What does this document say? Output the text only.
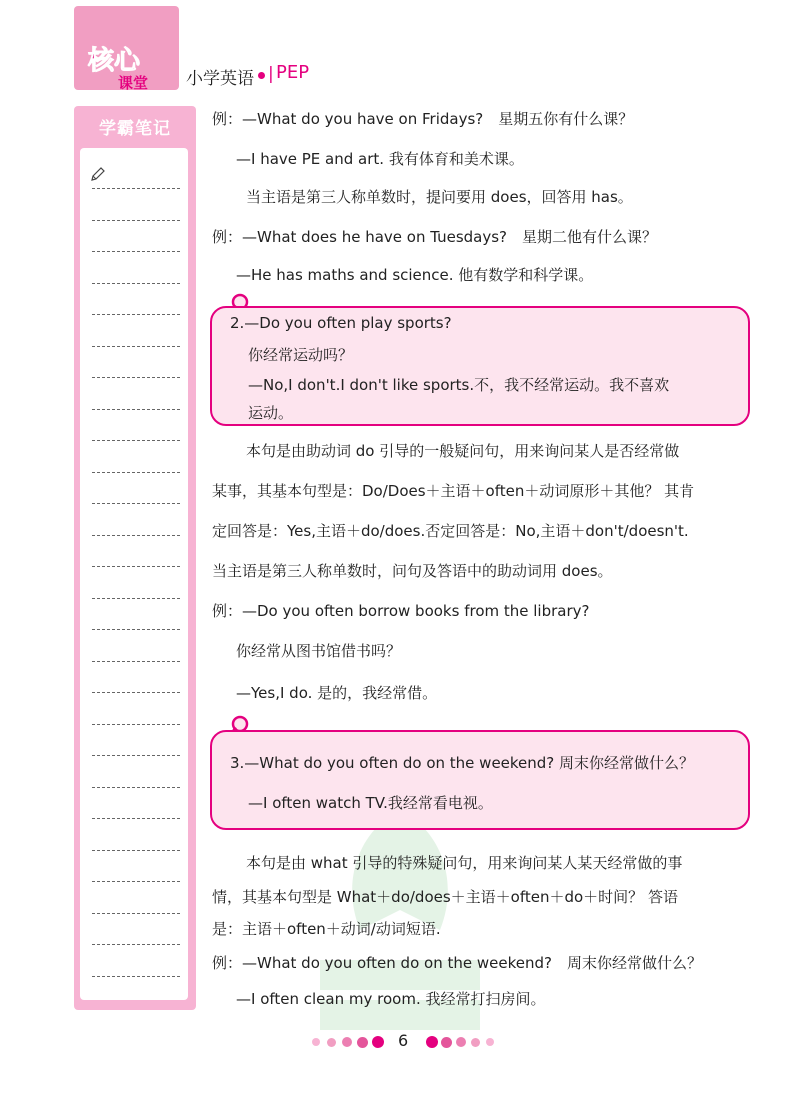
核心
课堂 小学英语 | PEP
学霸笔记	例：—What do you have on Fridays?　星期五你有什么课？
—I have PE and art. 我有体育和美术课。
当主语是第三人称单数时，提问要用 does，回答用 has。
例：—What does he have on Tuesdays?　星期二他有什么课？
—He has maths and science. 他有数学和科学课。
2.—Do you often play sports?
你经常运动吗？
—No,I don't.I don't like sports.不，我不经常运动。我不喜欢
运动。
本句是由助动词 do 引导的一般疑问句，用来询问某人是否经常做
某事，其基本句型是：Do/Does＋主语＋often＋动词原形＋其他？ 其肯
定回答是：Yes,主语＋do/does.否定回答是：No,主语＋don't/doesn't.
当主语是第三人称单数时，问句及答语中的助动词用 does。
例：—Do you often borrow books from the library?
你经常从图书馆借书吗？
—Yes,I do. 是的，我经常借。
3.—What do you often do on the weekend? 周末你经常做什么？
—I often watch TV.我经常看电视。
本句是由 what 引导的特殊疑问句，用来询问某人某天经常做的事
情，其基本句型是 What＋do/does＋主语＋often＋do＋时间？ 答语
是：主语＋often＋动词/动词短语.
例：—What do you often do on the weekend?　周末你经常做什么？
—I often clean my room. 我经常打扫房间。
6
